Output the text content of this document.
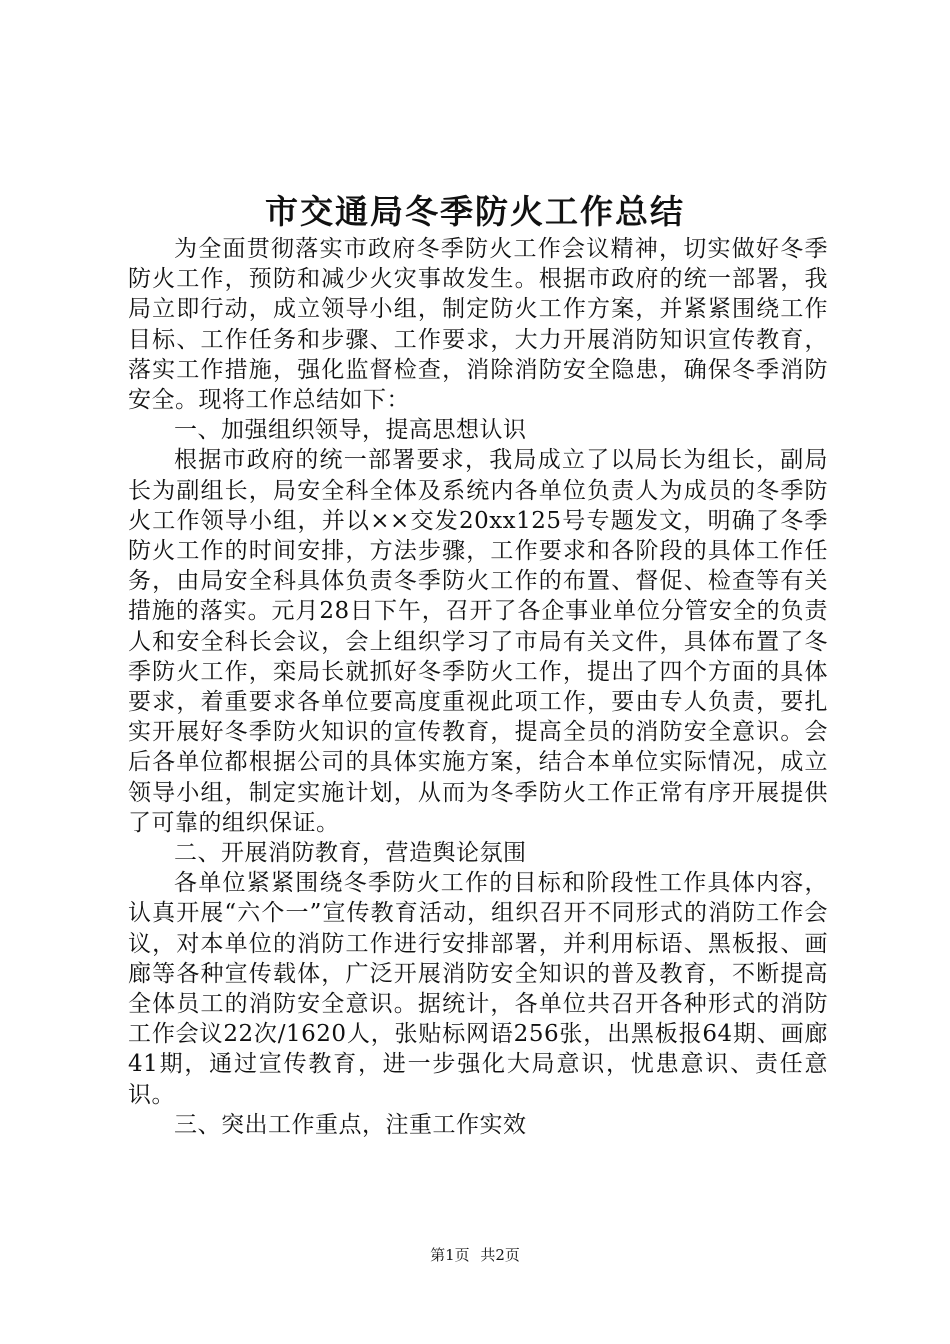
市交通局冬季防火工作总结

为全面贯彻落实市政府冬季防火工作会议精神，切实做好冬季防火工作，预防和减少火灾事故发生。根据市政府的统一部署，我局立即行动，成立领导小组，制定防火工作方案，并紧紧围绕工作目标、工作任务和步骤、工作要求，大力开展消防知识宣传教育，落实工作措施，强化监督检查，消除消防安全隐患，确保冬季消防安全。现将工作总结如下：

一、加强组织领导，提高思想认识

根据市政府的统一部署要求，我局成立了以局长为组长，副局长为副组长，局安全科全体及系统内各单位负责人为成员的冬季防火工作领导小组，并以××交发20xx125号专题发文，明确了冬季防火工作的时间安排，方法步骤，工作要求和各阶段的具体工作任务，由局安全科具体负责冬季防火工作的布置、督促、检查等有关措施的落实。元月28日下午，召开了各企事业单位分管安全的负责人和安全科长会议，会上组织学习了市局有关文件，具体布置了冬季防火工作，栾局长就抓好冬季防火工作，提出了四个方面的具体要求，着重要求各单位要高度重视此项工作，要由专人负责，要扎实开展好冬季防火知识的宣传教育，提高全员的消防安全意识。会后各单位都根据公司的具体实施方案，结合本单位实际情况，成立领导小组，制定实施计划，从而为冬季防火工作正常有序开展提供了可靠的组织保证。

二、开展消防教育，营造舆论氛围

各单位紧紧围绕冬季防火工作的目标和阶段性工作具体内容，认真开展“六个一”宣传教育活动，组织召开不同形式的消防工作会议，对本单位的消防工作进行安排部署，并利用标语、黑板报、画廊等各种宣传载体，广泛开展消防安全知识的普及教育，不断提高全体员工的消防安全意识。据统计，各单位共召开各种形式的消防工作会议22次/1620人，张贴标网语256张，出黑板报64期、画廊41期，通过宣传教育，进一步强化大局意识，忧患意识、责任意识。

三、突出工作重点，注重工作实效

第1页 共2页
